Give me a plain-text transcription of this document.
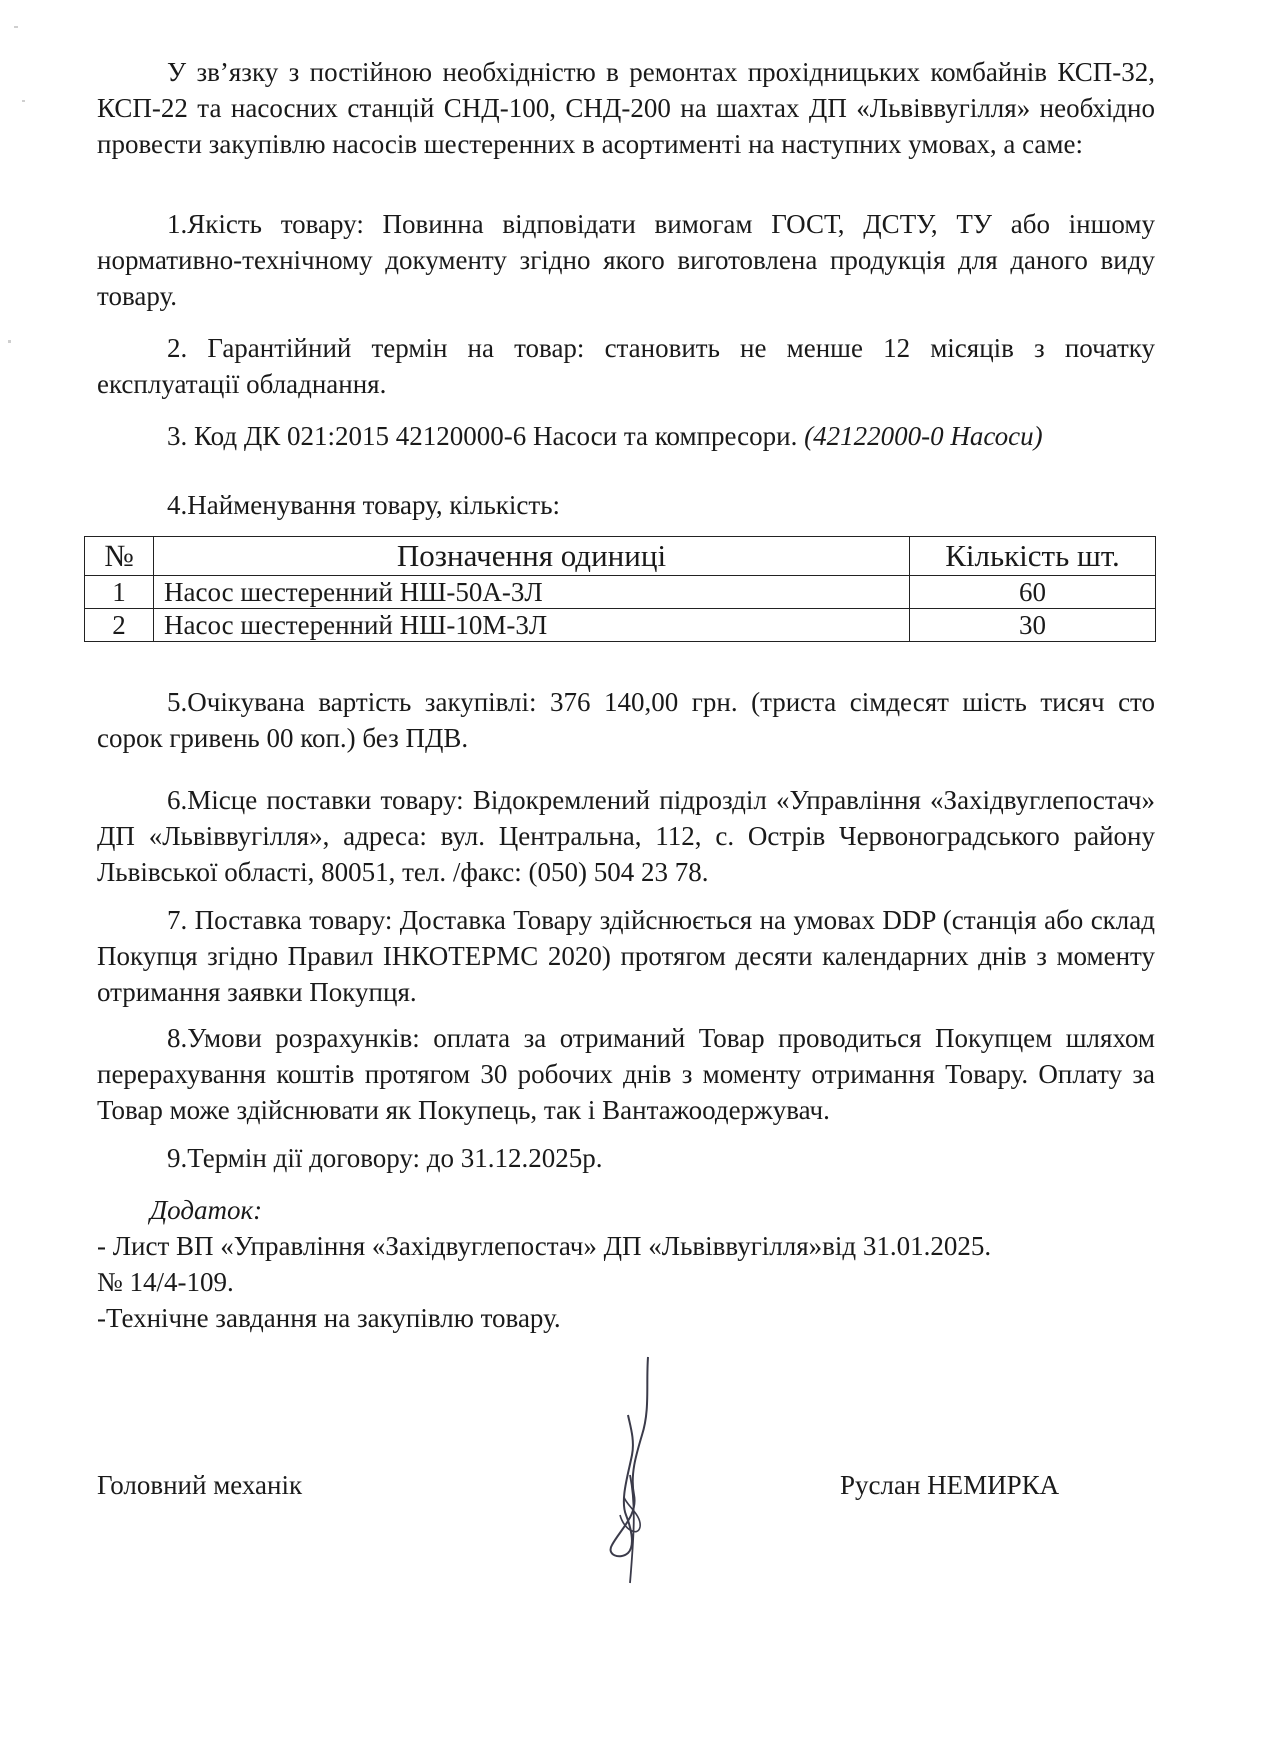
У зв’язку з постійною необхідністю в ремонтах прохідницьких комбайнів КСП-32, КСП-22 та насосних станцій СНД-100, СНД-200 на шахтах ДП «Львіввугілля» необхідно провести закупівлю насосів шестеренних в асортименті на наступних умовах, а саме:

1.Якість товару: Повинна відповідати вимогам ГОСТ, ДСТУ, ТУ або іншому нормативно-технічному документу згідно якого виготовлена продукція для даного виду товару.

2. Гарантійний термін на товар: становить не менше 12 місяців з початку експлуатації обладнання.

3. Код ДК 021:2015 42120000-6 Насоси та компресори. (42122000-0 Насоси)

4.Найменування товару, кількість:

№	Позначення одиниці	Кількість шт.
1	Насос шестеренний НШ-50А-3Л	60
2	Насос шестеренний НШ-10М-3Л	30

5.Очікувана вартість закупівлі: 376 140,00 грн. (триста сімдесят шість тисяч сто сорок гривень 00 коп.) без ПДВ.

6.Місце поставки товару: Відокремлений підрозділ «Управління «Західвуглепостач» ДП «Львіввугілля», адреса: вул. Центральна, 112, с. Острів Червоноградського району Львівської області, 80051, тел. /факс: (050) 504 23 78.

7. Поставка товару: Доставка Товару здійснюється на умовах DDP (станція або склад Покупця згідно Правил ІНКОТЕРМС 2020) протягом десяти календарних днів з моменту отримання заявки Покупця.

8.Умови розрахунків: оплата за отриманий Товар проводиться Покупцем шляхом перерахування коштів протягом 30 робочих днів з моменту отримання Товару. Оплату за Товар може здійснювати як Покупець, так і Вантажоодержувач.

9.Термін дії договору: до 31.12.2025р.

Додаток:

- Лист ВП «Управління «Західвуглепостач» ДП «Львіввугілля»від 31.01.2025.

№ 14/4-109.

-Технічне завдання на закупівлю товару.

Головний механік	Руслан НЕМИРКА
